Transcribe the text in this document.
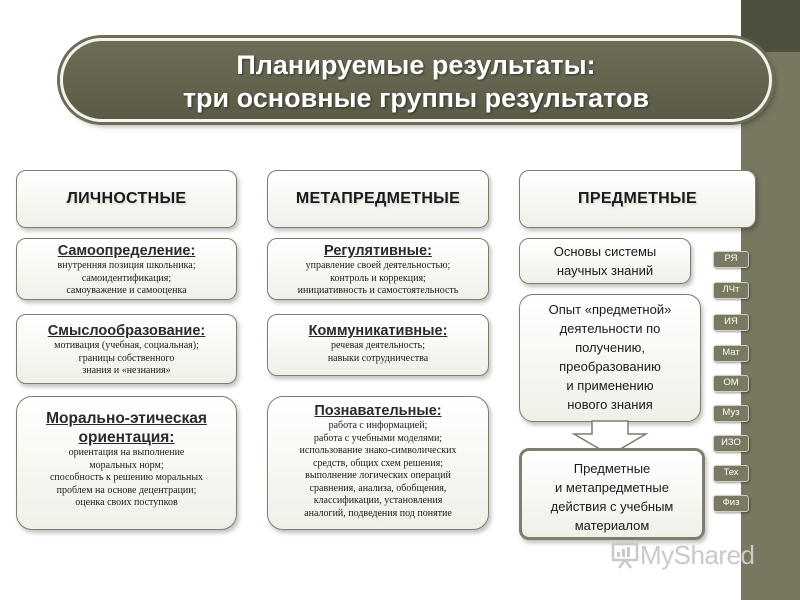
Планируемые результаты:
три основные группы результатов
ЛИЧНОСТНЫЕ	МЕТАПРЕДМЕТНЫЕ	ПРЕДМЕТНЫЕ
Самоопределение:
внутренняя позиция школьника;
самоидентификация;
самоуважение и самооценка
Смыслообразование:
мотивация (учебная, социальная);
границы собственного
знания и «незнания»
Морально-этическая
ориентация:
ориентация на выполнение
моральных норм;
способность к решению моральных
проблем на основе децентрации;
оценка своих поступков
Регулятивные:
управление своей деятельностью;
контроль и коррекция;
инициативность и самостоятельность
Коммуникативные:
речевая деятельность;
навыки сотрудничества
Познавательные:
работа с информацией;
работа с учебными моделями;
использование знако-символических
средств, общих схем решения;
выполнение логических операций
сравнения, анализа, обобщения,
классификации, установления
аналогий, подведения под понятие
Основы системы
научных знаний
Опыт «предметной»
деятельности по
получению,
преобразованию
и применению
нового знания
Предметные
и метапредметные
действия с учебным
материалом
РЯ
ЛЧт
ИЯ
Мат
ОМ
Муз
ИЗО
Тех
Физ
MyShared
